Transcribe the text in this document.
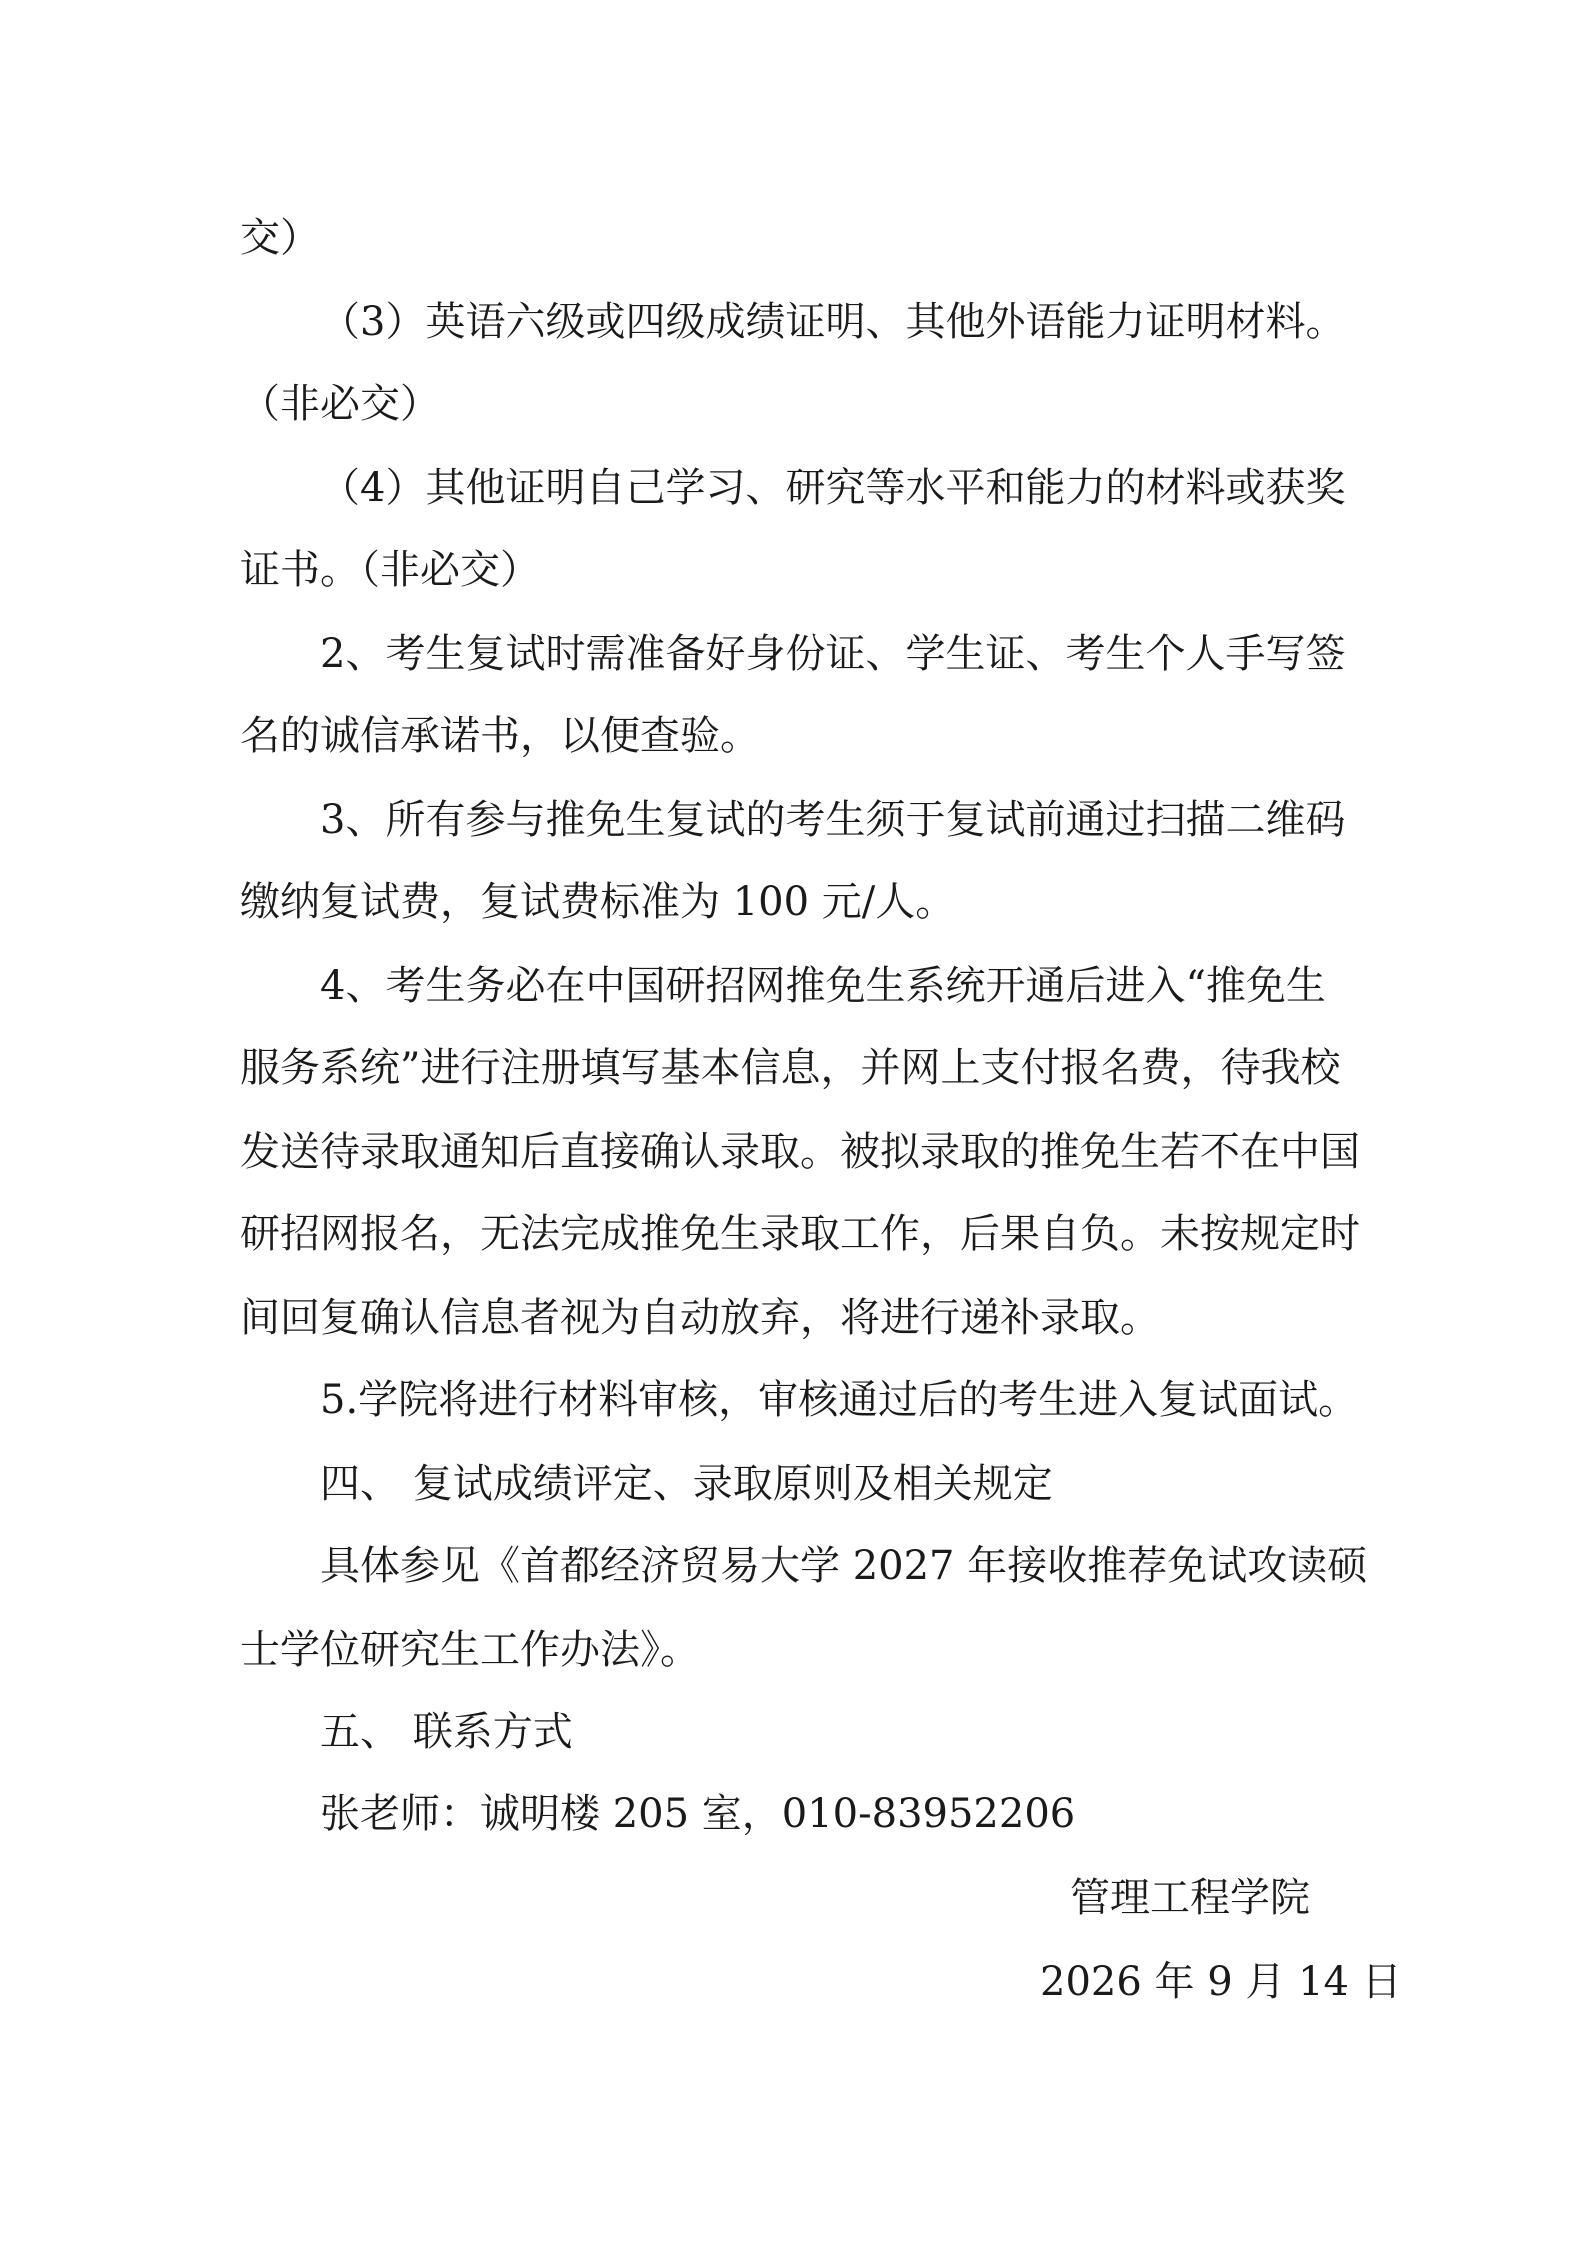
交）
（3）英语六级或四级成绩证明、其他外语能力证明材料。
（非必交）
（4）其他证明自己学习、研究等水平和能力的材料或获奖
证书。（非必交）
2、考生复试时需准备好身份证、学生证、考生个人手写签
名的诚信承诺书，以便查验。
3、所有参与推免生复试的考生须于复试前通过扫描二维码
缴纳复试费，复试费标准为 100 元/人。
4、考生务必在中国研招网推免生系统开通后进入“推免生
服务系统”进行注册填写基本信息，并网上支付报名费，待我校
发送待录取通知后直接确认录取。被拟录取的推免生若不在中国
研招网报名，无法完成推免生录取工作，后果自负。未按规定时
间回复确认信息者视为自动放弃，将进行递补录取。
5.学院将进行材料审核，审核通过后的考生进入复试面试。
四、 复试成绩评定、录取原则及相关规定
具体参见《首都经济贸易大学 2027 年接收推荐免试攻读硕
士学位研究生工作办法》。
五、 联系方式
张老师：诚明楼 205 室，010-83952206
管理工程学院
2026 年 9 月 14 日
